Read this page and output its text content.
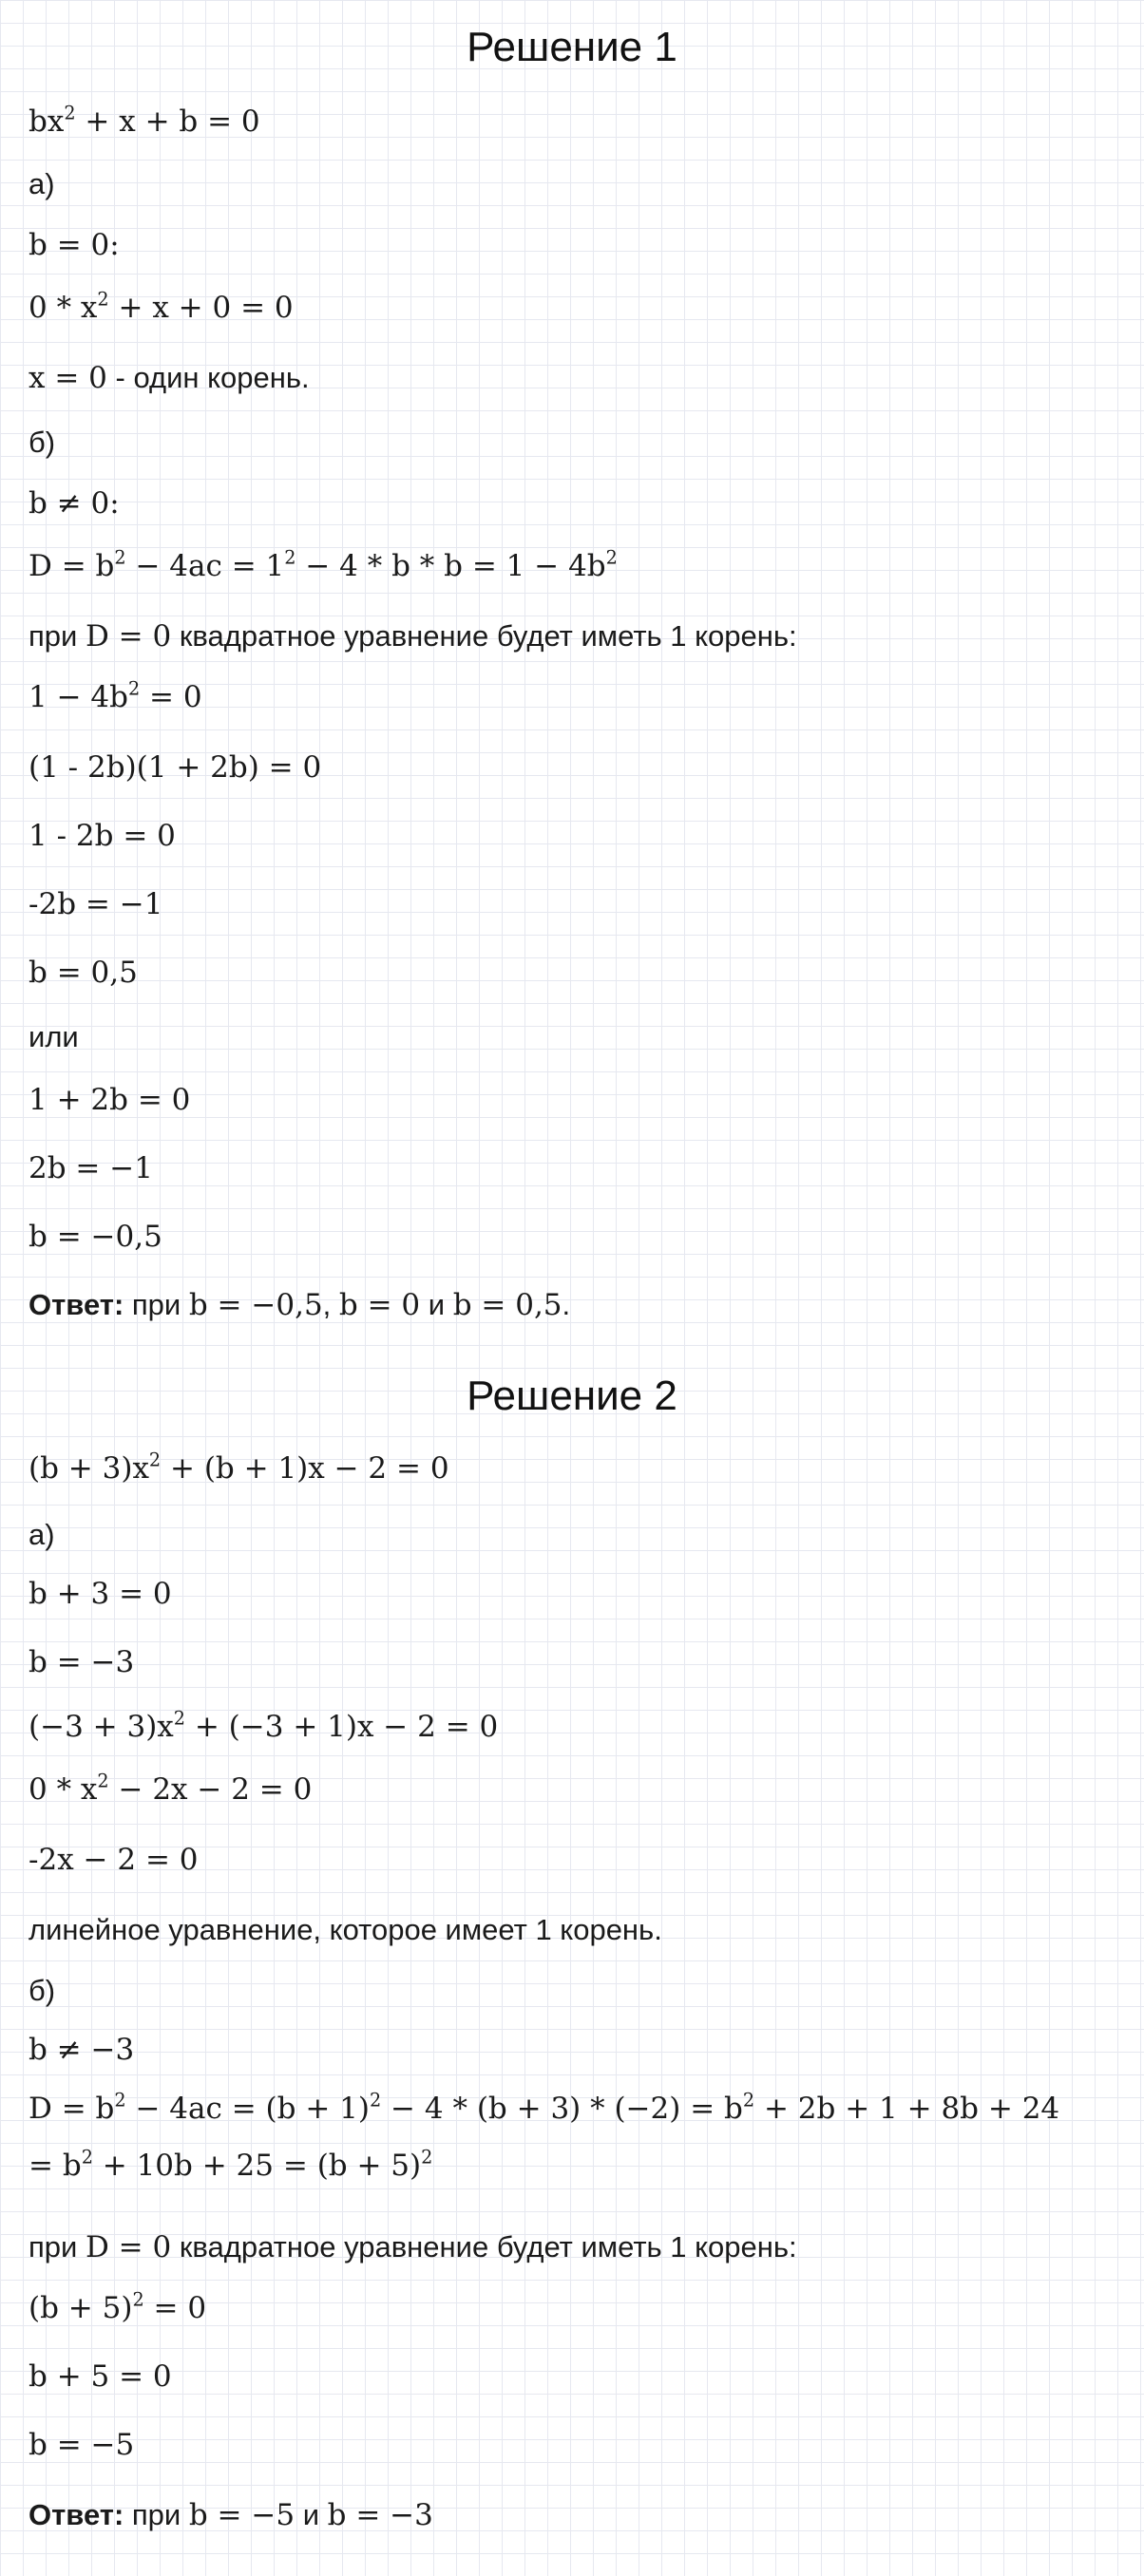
Решение 1

$bx^2 + x + b = 0$

а)

b = 0:

$0 * x^2 + x + 0 = 0$

x = 0 - один корень.

б)

b ≠ 0:

$D = b^2 - 4ac = 1^2 - 4 * b * b = 1 - 4b^2$

при D = 0 квадратное уравнение будет иметь 1 корень:

$1 - 4b^2 = 0$

(1 - 2b)(1 + 2b) = 0

1 - 2b = 0

-2b = −1

b = 0,5

или

1 + 2b = 0

2b = −1

b = −0,5

Ответ: при b = −0,5, b = 0 и b = 0,5.

Решение 2

$(b + 3)x^2 + (b + 1)x - 2 = 0$

а)

b + 3 = 0

b = −3

$(-3 + 3)x^2 + (-3 + 1)x - 2 = 0$

$0 * x^2 - 2x - 2 = 0$

-2x − 2 = 0

линейное уравнение, которое имеет 1 корень.

б)

b ≠ −3

$D = b^2 - 4ac = (b + 1)^2 - 4 * (b + 3) * (-2) = b^2 + 2b + 1 + 8b + 24$

= $b^2 + 10b + 25 = (b + 5)^2$

при D = 0 квадратное уравнение будет иметь 1 корень:

$(b + 5)^2 = 0$

b + 5 = 0

b = −5

Ответ: при b = −5 и b = −3
